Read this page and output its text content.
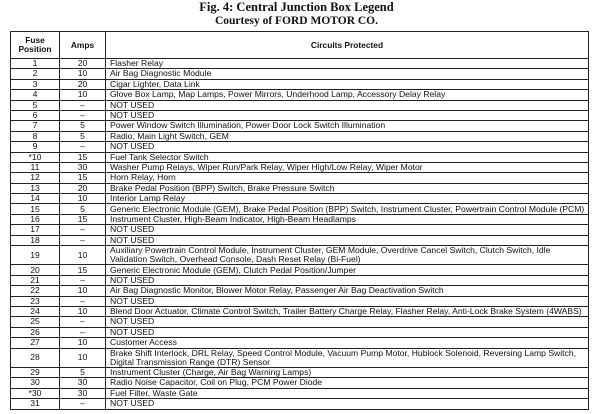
Fig. 4: Central Junction Box Legend
Courtesy of FORD MOTOR CO.
Fuse Position	Amps	Circuits Protected
1	20	Flasher Relay
2	10	Air Bag Diagnostic Module
3	20	Cigar Lighter, Data Link
4	10	Glove Box Lamp, Map Lamps, Power Mirrors, Underhood Lamp, Accessory Delay Relay
5	–	NOT USED
6	–	NOT USED
7	5	Power Window Switch Illumination, Power Door Lock Switch Illumination
8	5	Radio, Main Light Switch, GEM
9	–	NOT USED
*10	15	Fuel Tank Selector Switch
11	30	Washer Pump Relays, Wiper Run/Park Relay, Wiper High/Low Relay, Wiper Motor
12	15	Horn Relay, Horn
13	20	Brake Pedal Position (BPP) Switch, Brake Pressure Switch
14	10	Interior Lamp Relay
15	5	Generic Electronic Module (GEM), Brake Pedal Position (BPP) Switch, Instrument Cluster, Powertrain Control Module (PCM)
16	15	Instrument Cluster, High-Beam Indicator, High-Beam Headlamps
17	–	NOT USED
18	–	NOT USED
19	10	Auxiliary Powertrain Control Module, Instrument Cluster, GEM Module, Overdrive Cancel Switch, Clutch Switch, Idle Validation Switch, Overhead Console, Dash Reset Relay (Bi-Fuel)
20	15	Generic Electronic Module (GEM), Clutch Pedal Position/Jumper
21	–	NOT USED
22	10	Air Bag Diagnostic Monitor, Blower Motor Relay, Passenger Air Bag Deactivation Switch
23	–	NOT USED
24	10	Blend Door Actuator, Climate Control Switch, Trailer Battery Charge Relay, Flasher Relay, Anti-Lock Brake System (4WABS)
25	–	NOT USED
26	–	NOT USED
27	10	Customer Access
28	10	Brake Shift Interlock, DRL Relay, Speed Control Module, Vacuum Pump Motor, Hublock Solenoid, Reversing Lamp Switch, Digital Transmission Range (DTR) Sensor
29	5	Instrument Cluster (Charge, Air Bag Warning Lamps)
30	30	Radio Noise Capacitor, Coil on Plug, PCM Power Diode
*30	30	Fuel Filter, Waste Gate
31	–	NOT USED
